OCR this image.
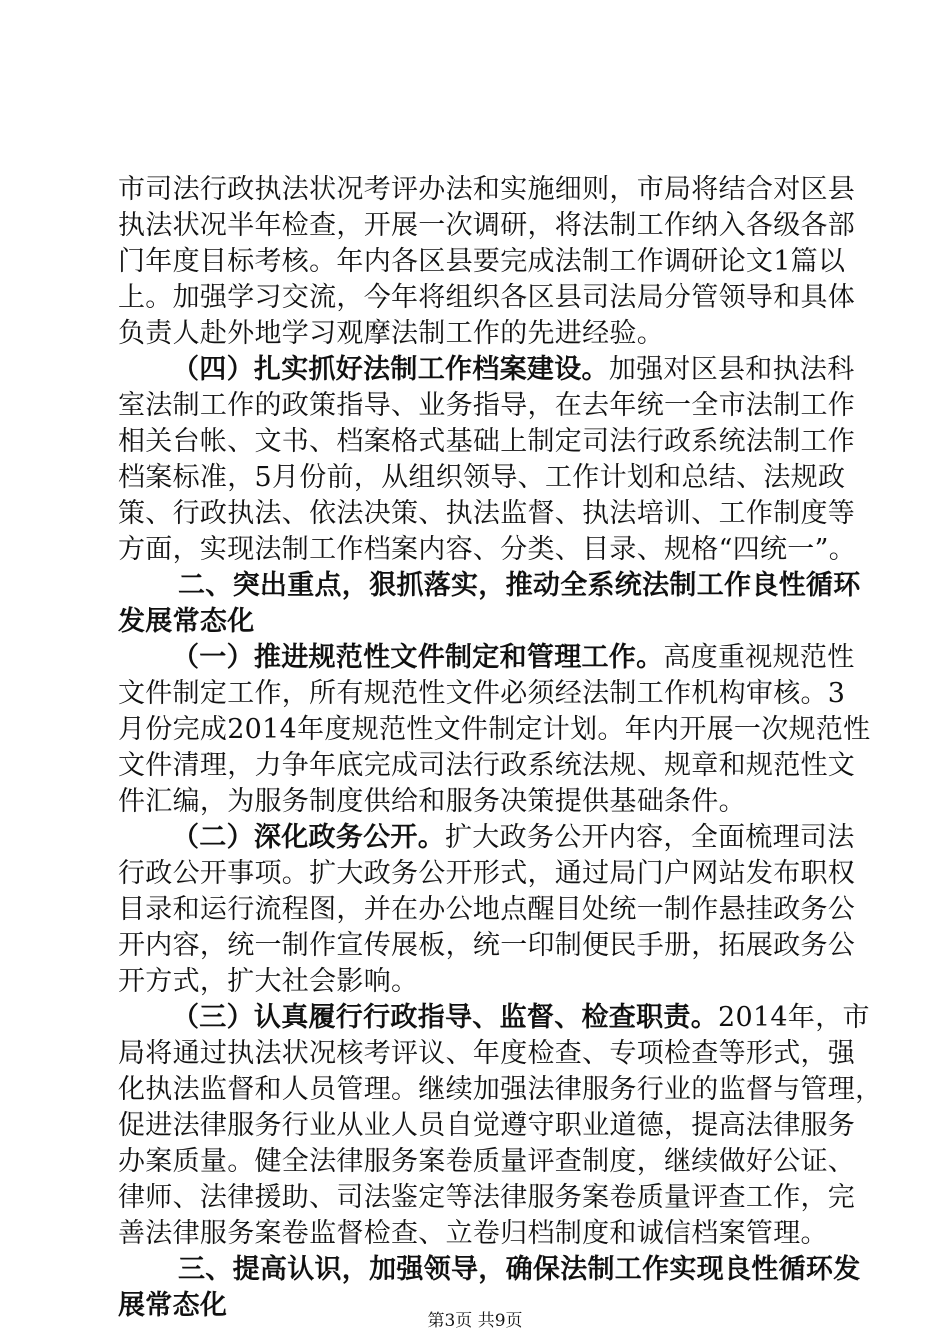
市司法行政执法状况考评办法和实施细则，市局将结合对区县
执法状况半年检查，开展一次调研，将法制工作纳入各级各部
门年度目标考核。年内各区县要完成法制工作调研论文1篇以
上。加强学习交流，今年将组织各区县司法局分管领导和具体
负责人赴外地学习观摩法制工作的先进经验。
（四）扎实抓好法制工作档案建设。加强对区县和执法科
室法制工作的政策指导、业务指导，在去年统一全市法制工作
相关台帐、文书、档案格式基础上制定司法行政系统法制工作
档案标准，5月份前，从组织领导、工作计划和总结、法规政
策、行政执法、依法决策、执法监督、执法培训、工作制度等
方面，实现法制工作档案内容、分类、目录、规格“四统一”。
二、突出重点，狠抓落实，推动全系统法制工作良性循环
发展常态化
（一）推进规范性文件制定和管理工作。高度重视规范性
文件制定工作，所有规范性文件必须经法制工作机构审核。3
月份完成2014年度规范性文件制定计划。年内开展一次规范性
文件清理，力争年底完成司法行政系统法规、规章和规范性文
件汇编，为服务制度供给和服务决策提供基础条件。
（二）深化政务公开。扩大政务公开内容，全面梳理司法
行政公开事项。扩大政务公开形式，通过局门户网站发布职权
目录和运行流程图，并在办公地点醒目处统一制作悬挂政务公
开内容，统一制作宣传展板，统一印制便民手册，拓展政务公
开方式，扩大社会影响。
（三）认真履行行政指导、监督、检查职责。2014年，市
局将通过执法状况核考评议、年度检查、专项检查等形式，强
化执法监督和人员管理。继续加强法律服务行业的监督与管理，
促进法律服务行业从业人员自觉遵守职业道德，提高法律服务
办案质量。健全法律服务案卷质量评查制度，继续做好公证、
律师、法律援助、司法鉴定等法律服务案卷质量评查工作，完
善法律服务案卷监督检查、立卷归档制度和诚信档案管理。
三、提高认识，加强领导，确保法制工作实现良性循环发
展常态化	第3页 共9页
